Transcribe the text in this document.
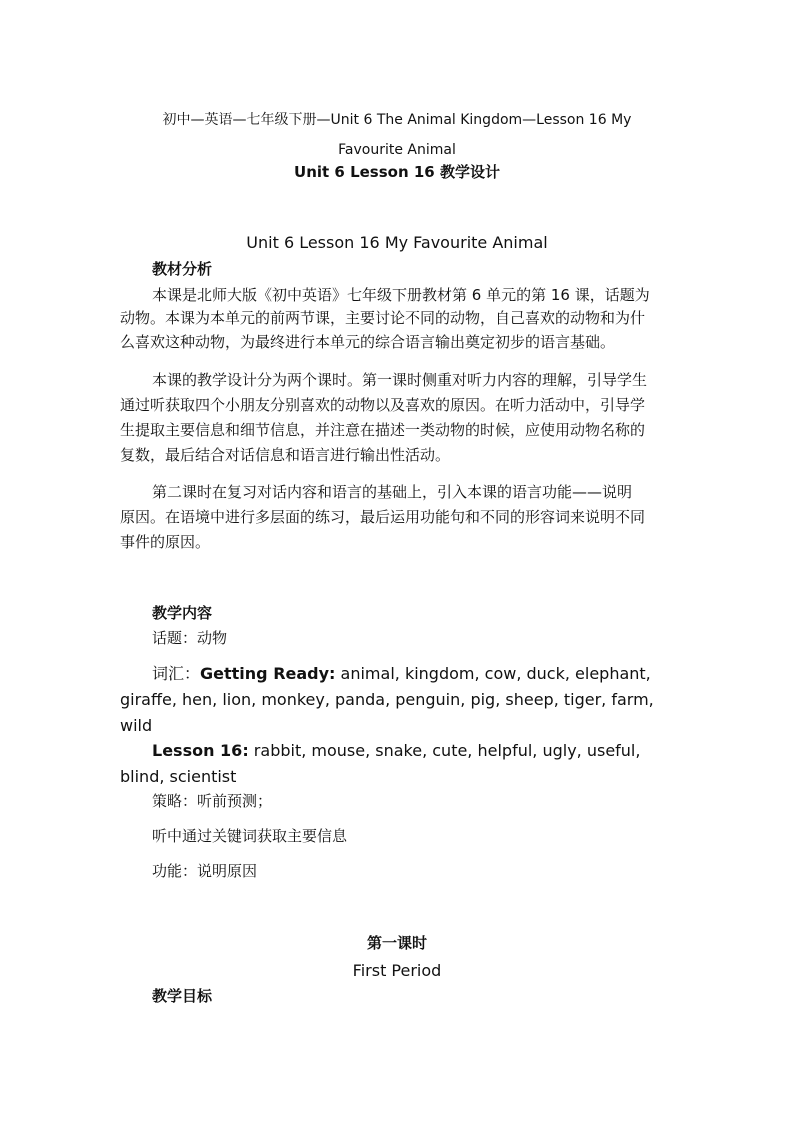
初中—英语—七年级下册—Unit 6 The Animal Kingdom—Lesson 16 My
Favourite Animal
Unit 6 Lesson 16 教学设计
Unit 6 Lesson 16 My Favourite Animal
教材分析
本课是北师大版《初中英语》七年级下册教材第 6 单元的第 16 课，话题为
动物。本课为本单元的前两节课，主要讨论不同的动物，自己喜欢的动物和为什
么喜欢这种动物，为最终进行本单元的综合语言输出奠定初步的语言基础。
本课的教学设计分为两个课时。第一课时侧重对听力内容的理解，引导学生
通过听获取四个小朋友分别喜欢的动物以及喜欢的原因。在听力活动中，引导学
生提取主要信息和细节信息，并注意在描述一类动物的时候，应使用动物名称的
复数，最后结合对话信息和语言进行输出性活动。
第二课时在复习对话内容和语言的基础上，引入本课的语言功能——说明
原因。在语境中进行多层面的练习，最后运用功能句和不同的形容词来说明不同
事件的原因。
教学内容
话题：动物
词汇：Getting Ready: animal, kingdom, cow, duck, elephant,
giraffe, hen, lion, monkey, panda, penguin, pig, sheep, tiger, farm,
wild
Lesson 16: rabbit, mouse, snake, cute, helpful, ugly, useful,
blind, scientist
策略：听前预测；
听中通过关键词获取主要信息
功能：说明原因
第一课时
First Period
教学目标
